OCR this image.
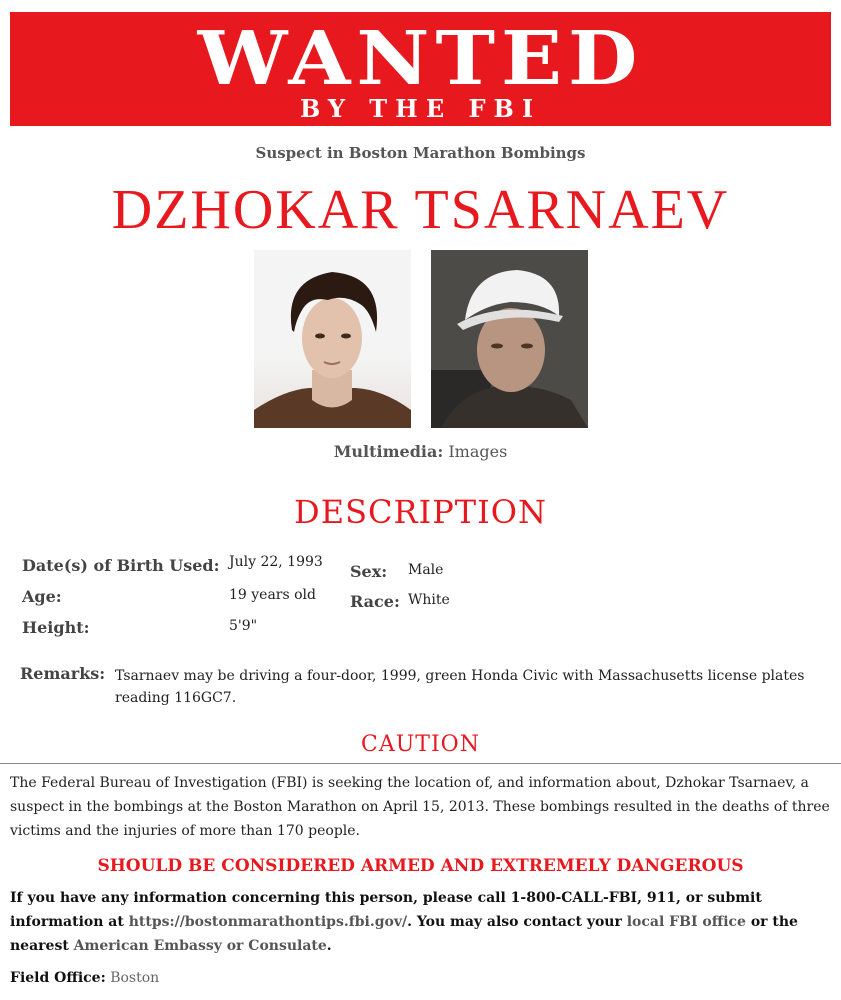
WANTED
BY THE FBI
Suspect in Boston Marathon Bombings
DZHOKAR TSARNAEV
Multimedia: Images
DESCRIPTION
Date(s) of Birth Used: July 22, 1993
Age:	19 years old
Height:	5'9"
Sex: Male
Race: White
Remarks: Tsarnaev may be driving a four-door, 1999, green Honda Civic with Massachusetts license plates reading 116GC7.
CAUTION
The Federal Bureau of Investigation (FBI) is seeking the location of, and information about, Dzhokar Tsarnaev, a suspect in the bombings at the Boston Marathon on April 15, 2013. These bombings resulted in the deaths of three victims and the injuries of more than 170 people.
SHOULD BE CONSIDERED ARMED AND EXTREMELY DANGEROUS
If you have any information concerning this person, please call 1-800-CALL-FBI, 911, or submit information at https://bostonmarathontips.fbi.gov/. You may also contact your local FBI office or the nearest American Embassy or Consulate.
Field Office: Boston
